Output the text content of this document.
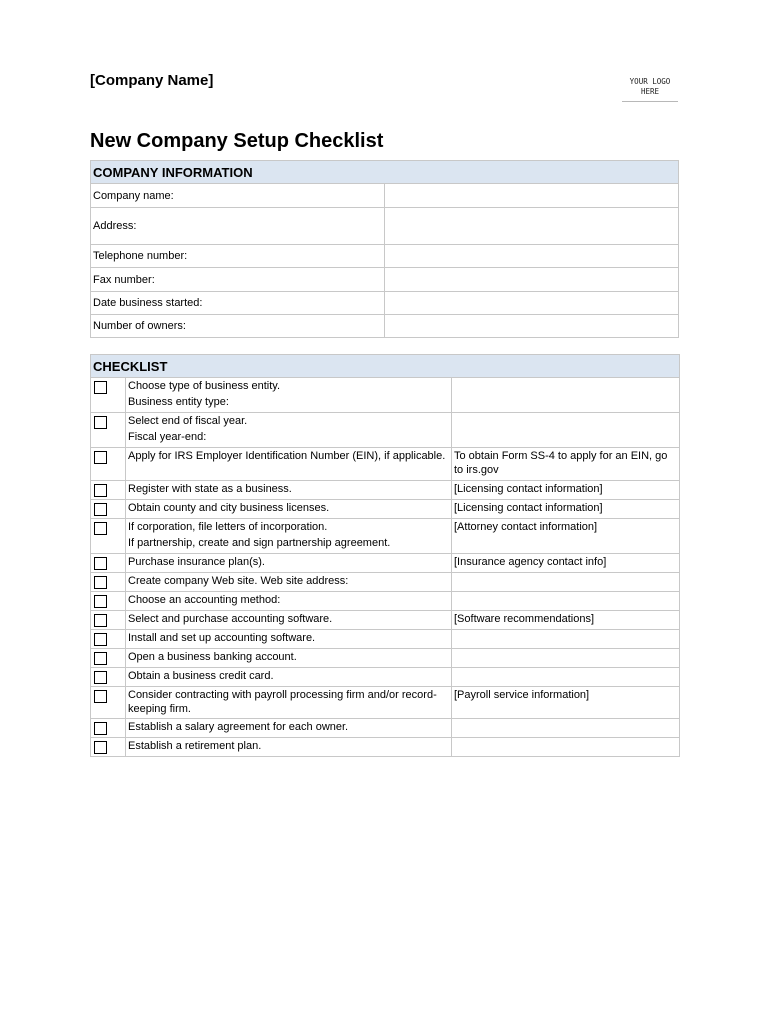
[Company Name]	YOUR LOGO
HERE
New Company Setup Checklist
COMPANY INFORMATION	
Company name:	
Address:	
Telephone number:	
Fax number:	
Date business started:	
Number of owners:	
CHECKLIST		

	Choose type of business entity.
Business entity type:	

	Select end of fiscal year.
Fiscal year-end:	

	Apply for IRS Employer Identification Number (EIN), if applicable.	To obtain Form SS-4 to apply for an EIN, go to irs.gov

	Register with state as a business.	[Licensing contact information]

	Obtain county and city business licenses.	[Licensing contact information]

	If corporation, file letters of incorporation.
If partnership, create and sign partnership agreement.	[Attorney contact information]

	Purchase insurance plan(s).	[Insurance agency contact info]

	Create company Web site. Web site address:	

	Choose an accounting method:	

	Select and purchase accounting software.	[Software recommendations]

	Install and set up accounting software.	

	Open a business banking account.	

	Obtain a business credit card.	

	Consider contracting with payroll processing firm and/or record-keeping firm.	[Payroll service information]

	Establish a salary agreement for each owner.	

	Establish a retirement plan.	
